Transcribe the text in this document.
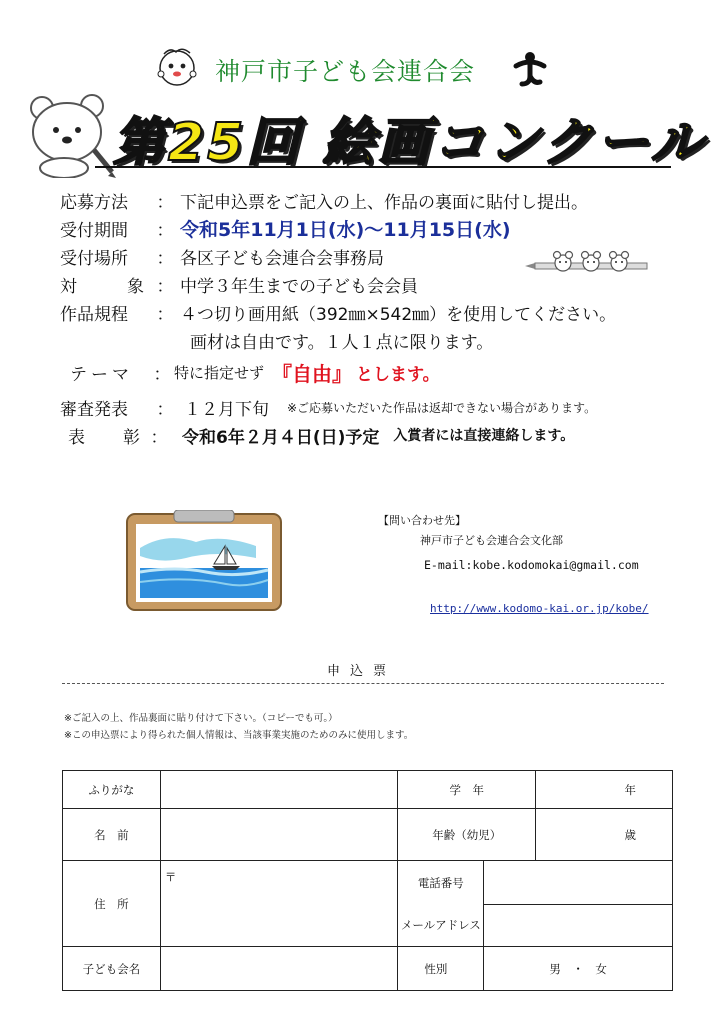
神戸市子ども会連合会
第25回 絵画コンクール
応募方法	： 下記申込票をご記入の上、作品の裏面に貼付し提出。
受付期間	： 令和5年11月1日(水)～11月15日(水)
受付場所	： 各区子ども会連合会事務局
対	象 ： 中学３年生までの子ども会会員
作品規程	： ４つ切り画用紙（392㎜×542㎜）を使用してください。
画材は自由です。１人１点に限ります。
テーマ	： 特に指定せず 『自由』 とします。
審査発表	： １２月下旬 ※ご応募いただいた作品は返却できない場合があります。
表 彰 ： 令和6年２月４日(日)予定 入賞者には直接連絡します。
【問い合わせ先】
神戸市子ども会連合会文化部
E-mail:kobe.kodomokai@gmail.com
http://www.kodomo-kai.or.jp/kobe/
申込票
※ご記入の上、作品裏面に貼り付けて下さい。（コピーでも可。）
※この申込票により得られた個人情報は、当該事業実施のためのみに使用します。
ふりがな		学　年		年
名　前		年齢（幼児）		歳
住　所	〒	電話番号		
		メールアドレス		
子ども会名		性別	男　・　女	
